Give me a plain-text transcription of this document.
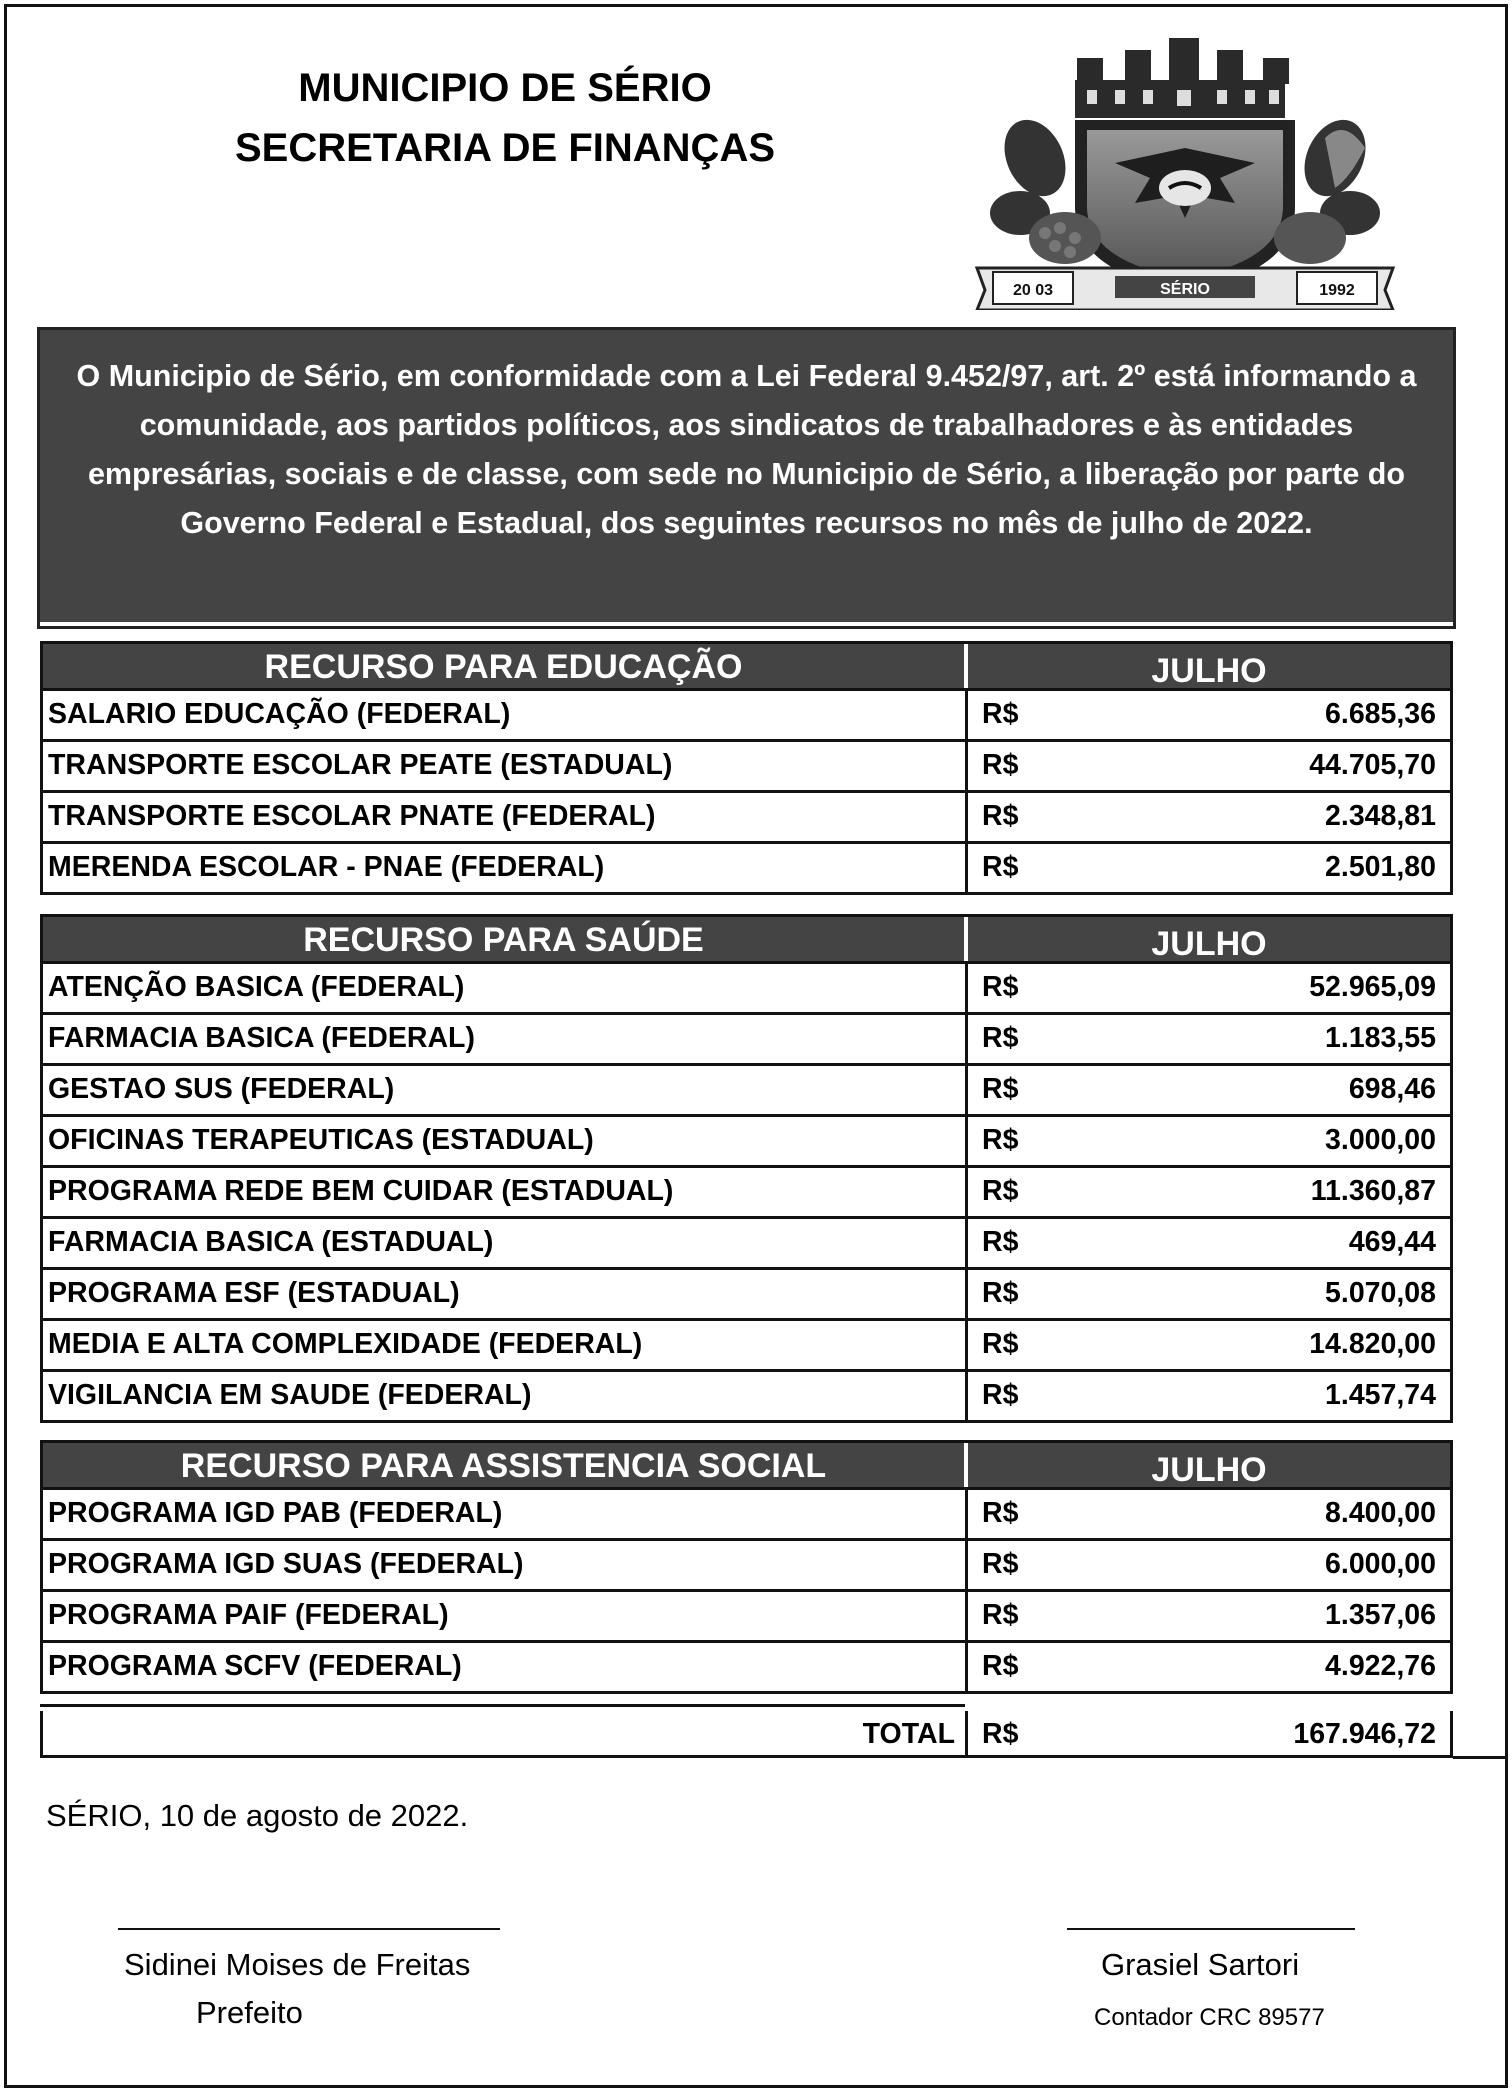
MUNICIPIO DE SÉRIO
SECRETARIA DE FINANÇAS
20 03	SÉRIO	1992
O Municipio de Sério, em conformidade com a Lei Federal 9.452/97, art. 2º está informando a comunidade, aos partidos políticos, aos sindicatos de trabalhadores e às entidades empresárias, sociais e de classe, com sede no Municipio de Sério, a liberação por parte do Governo Federal e Estadual, dos seguintes recursos no mês de julho de 2022.
RECURSO PARA EDUCAÇÃO	JULHO
SALARIO EDUCAÇÃO (FEDERAL)	R$	6.685,36
TRANSPORTE ESCOLAR PEATE (ESTADUAL)	R$	44.705,70
TRANSPORTE ESCOLAR PNATE (FEDERAL)	R$	2.348,81
MERENDA ESCOLAR - PNAE (FEDERAL)	R$	2.501,80
RECURSO PARA SAÚDE	JULHO
ATENÇÃO BASICA (FEDERAL)	R$	52.965,09
FARMACIA BASICA (FEDERAL)	R$	1.183,55
GESTAO SUS (FEDERAL)	R$	698,46
OFICINAS TERAPEUTICAS (ESTADUAL)	R$	3.000,00
PROGRAMA REDE BEM CUIDAR (ESTADUAL)	R$	11.360,87
FARMACIA BASICA (ESTADUAL)	R$	469,44
PROGRAMA ESF (ESTADUAL)	R$	5.070,08
MEDIA E ALTA COMPLEXIDADE (FEDERAL)	R$	14.820,00
VIGILANCIA EM SAUDE (FEDERAL)	R$	1.457,74
RECURSO PARA ASSISTENCIA SOCIAL	JULHO
PROGRAMA IGD PAB (FEDERAL)	R$	8.400,00
PROGRAMA IGD SUAS (FEDERAL)	R$	6.000,00
PROGRAMA PAIF (FEDERAL)	R$	1.357,06
PROGRAMA SCFV (FEDERAL)	R$	4.922,76
TOTAL R$	167.946,72
SÉRIO, 10 de agosto de 2022.
Sidinei Moises de Freitas
Prefeito
Grasiel Sartori
Contador CRC 89577
